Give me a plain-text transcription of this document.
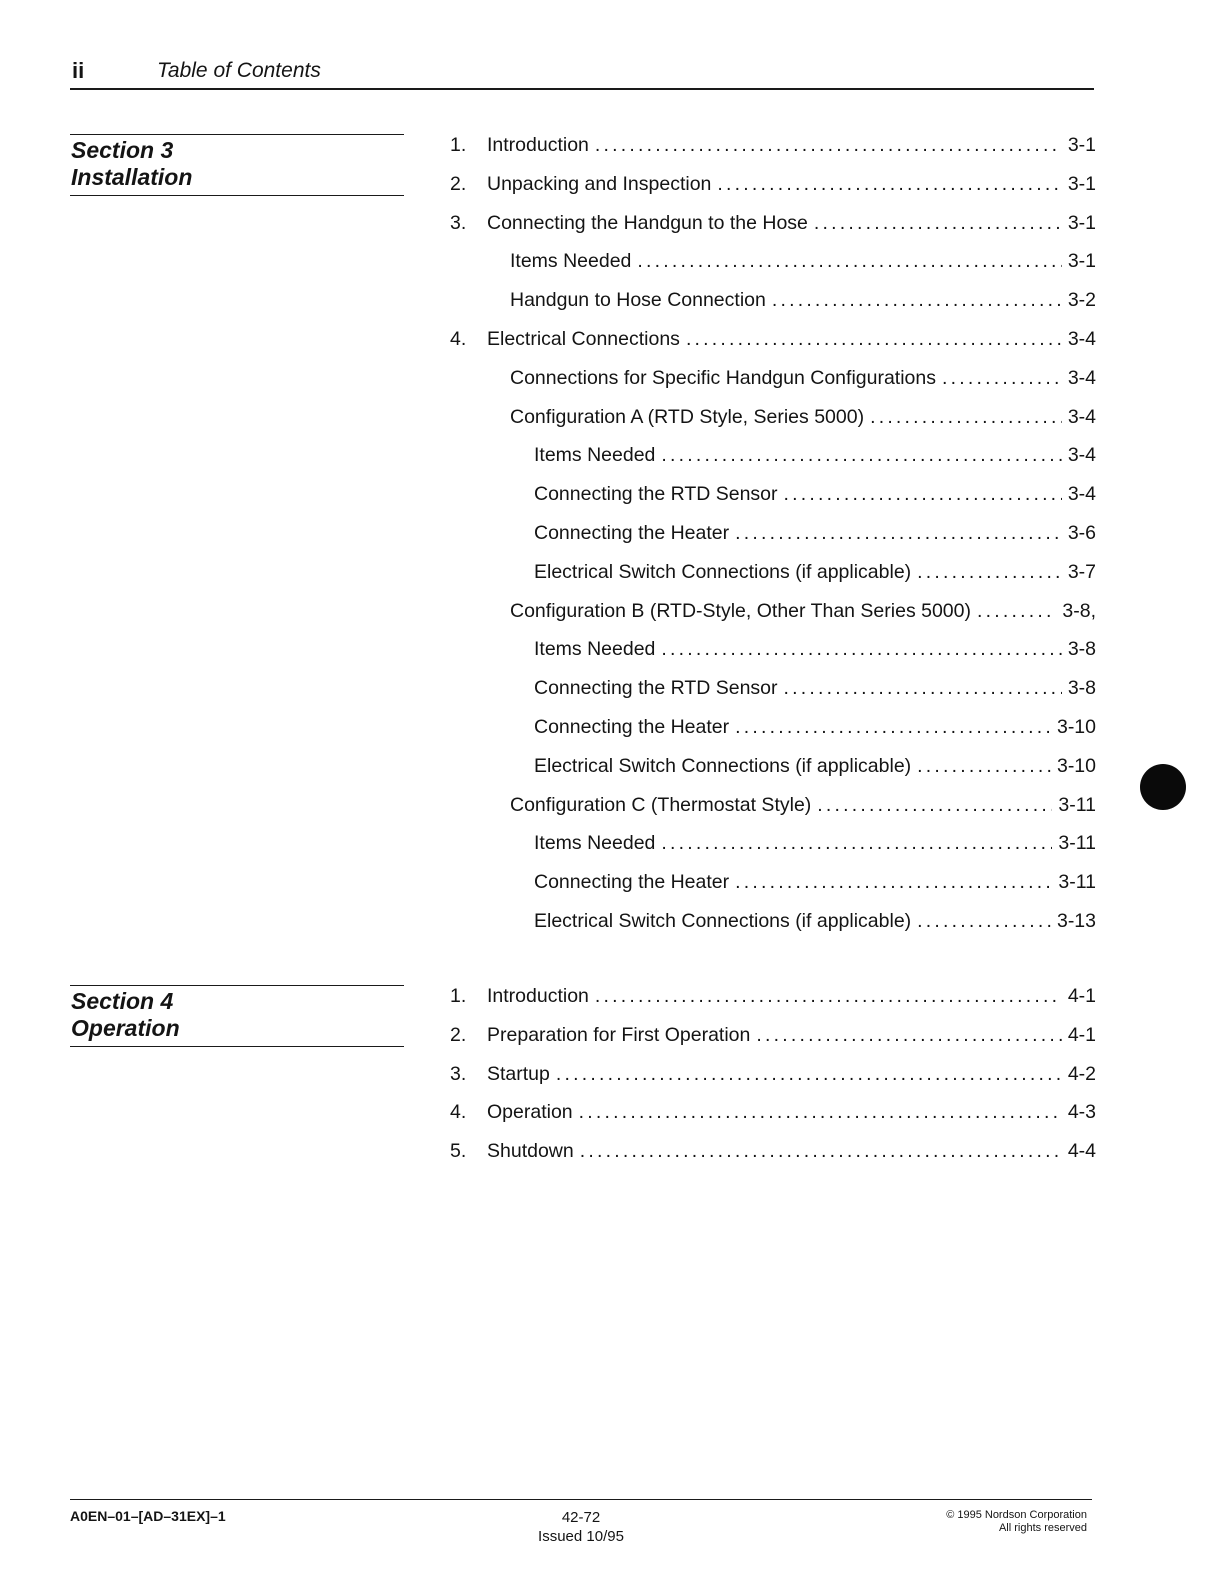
ii	Table of Contents
Section 3
Installation
1.	Introduction .....	3-1
2.	Unpacking and Inspection .....	3-1
3.	Connecting the Handgun to the Hose .....	3-1
Items Needed .....	3-1
Handgun to Hose Connection .....	3-2
4.	Electrical Connections .....	3-4
Connections for Specific Handgun Configurations .....	3-4
Configuration A (RTD Style, Series 5000) .....	3-4
Items Needed .....	3-4
Connecting the RTD Sensor .....	3-4
Connecting the Heater .....	3-6
Electrical Switch Connections (if applicable) .....	3-7
Configuration B (RTD-Style, Other Than Series 5000) .....	3-8,
Items Needed .....	3-8
Connecting the RTD Sensor .....	3-8
Connecting the Heater .....	3-10
Electrical Switch Connections (if applicable) .....	3-10
Configuration C (Thermostat Style) .....	3-11
Items Needed .....	3-11
Connecting the Heater .....	3-11
Electrical Switch Connections (if applicable) .....	3-13
Section 4
Operation
1.	Introduction .....	4-1
2.	Preparation for First Operation .....	4-1
3.	Startup .....	4-2
4.	Operation .....	4-3
5.	Shutdown .....	4-4
A0EN–01–[AD–31EX]–1	42-72
Issued 10/95
© 1995 Nordson Corporation
All rights reserved
